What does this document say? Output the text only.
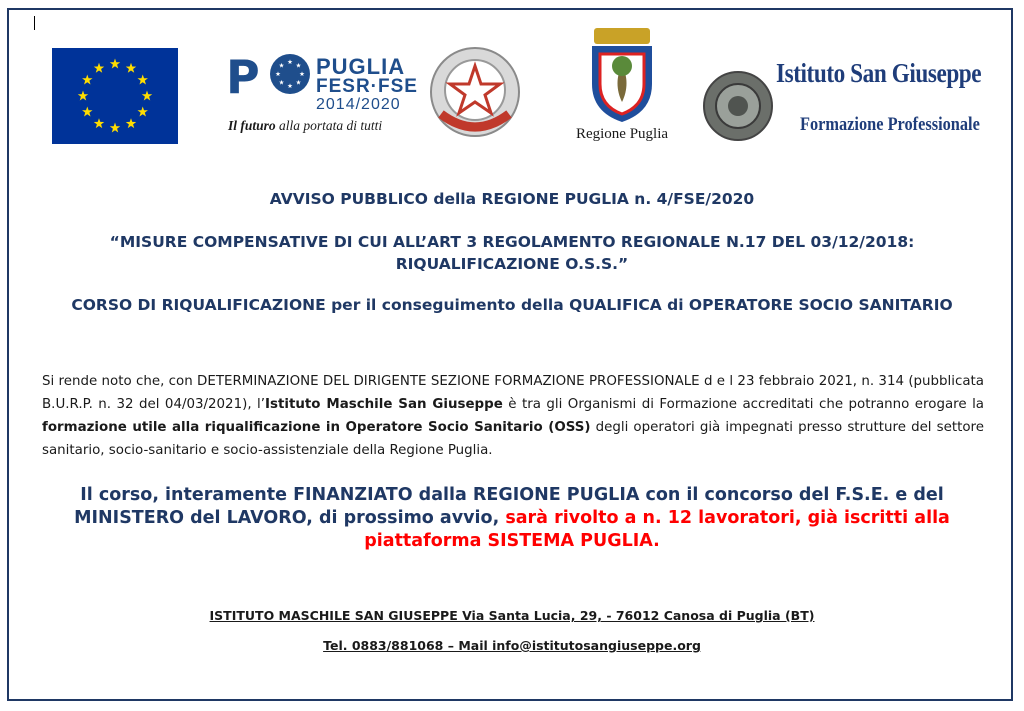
P	PUGLIA
FESR·FSE
2014/2020
Il futuro alla portata di tutti
Regione Puglia
Istituto San Giuseppe
Formazione Professionale
AVVISO PUBBLICO della REGIONE PUGLIA n. 4/FSE/2020
“MISURE COMPENSATIVE DI CUI ALL’ART 3 REGOLAMENTO REGIONALE N.17 DEL 03/12/2018:
RIQUALIFICAZIONE O.S.S.”
CORSO DI RIQUALIFICAZIONE per il conseguimento della QUALIFICA di OPERATORE SOCIO SANITARIO
Si rende noto che, con DETERMINAZIONE DEL DIRIGENTE SEZIONE FORMAZIONE PROFESSIONALE d e l 23 febbraio 2021, n. 314 (pubblicata B.U.R.P. n. 32 del 04/03/2021), l’Istituto Maschile San Giuseppe è tra gli Organismi di Formazione accreditati che potranno erogare la formazione utile alla riqualificazione in Operatore Socio Sanitario (OSS) degli operatori già impegnati presso strutture del settore sanitario, socio-sanitario e socio-assistenziale della Regione Puglia.
Il corso, interamente FINANZIATO dalla REGIONE PUGLIA con il concorso del F.S.E. e del MINISTERO del LAVORO, di prossimo avvio, sarà rivolto a n. 12 lavoratori, già iscritti alla piattaforma SISTEMA PUGLIA.
ISTITUTO MASCHILE SAN GIUSEPPE Via Santa Lucia, 29, - 76012 Canosa di Puglia (BT)
Tel. 0883/881068 – Mail info@istitutosangiuseppe.org
